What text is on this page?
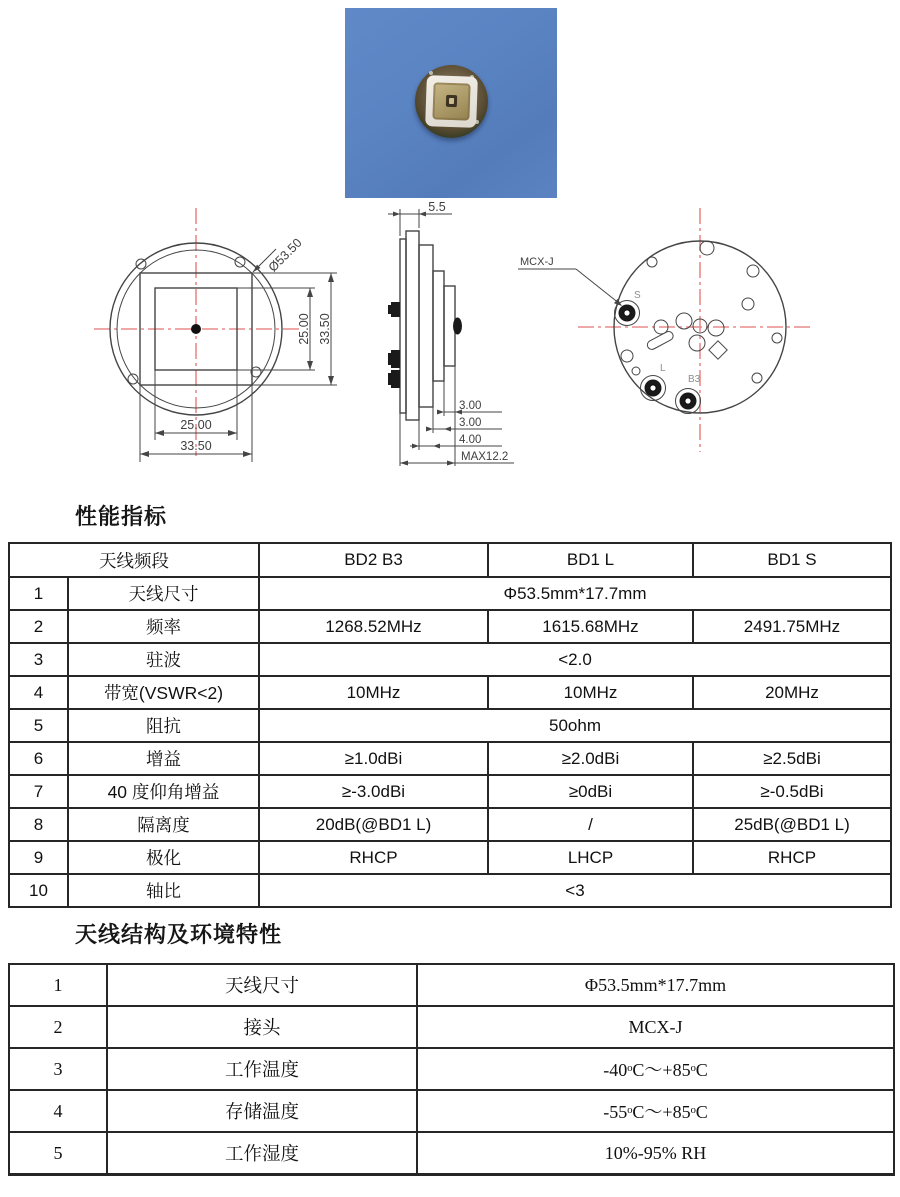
25.00 33.50
25.00
33.50
Ø53.50
5.5
3.00
3.00
4.00
MAX12.2
S
L
B3
MCX-J
性能指标
天线频段		BD2 B3	BD1 L	BD1 S
1	天线尺寸	Φ53.5mm*17.7mm		
2	频率	1268.52MHz	1615.68MHz	2491.75MHz
3	驻波	<2.0		
4	带宽(VSWR<2)	10MHz	10MHz	20MHz
5	阻抗	50ohm		
6	增益	≥1.0dBi	≥2.0dBi	≥2.5dBi
7	40 度仰角增益	≥-3.0dBi	≥0dBi	≥-0.5dBi
8	隔离度	20dB(@BD1 L)	/	25dB(@BD1 L)
9	极化	RHCP	LHCP	RHCP
10	轴比	<3		
天线结构及环境特性
1	天线尺寸	Φ53.5mm*17.7mm
2	接头	MCX-J
3	工作温度	-40ᵒC～+85ᵒC
4	存储温度	-55ᵒC～+85ᵒC
5	工作湿度	10%-95% RH
